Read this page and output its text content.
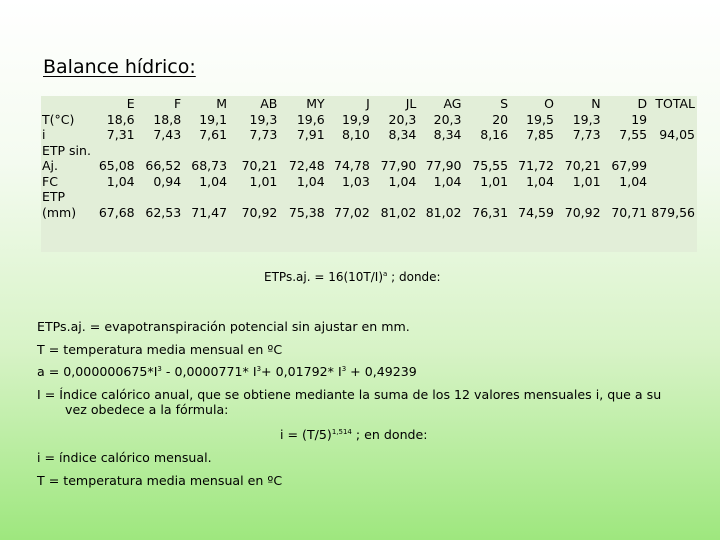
Balance hídrico:
	E	F	M	AB	MY	J	JL	AG	S	O	N	D	TOTAL
T(°C)	18,6	18,8	19,1	19,3	19,6	19,9	20,3	20,3	20	19,5	19,3	19	
i	7,31	7,43	7,61	7,73	7,91	8,10	8,34	8,34	8,16	7,85	7,73	7,55	94,05
ETP sin.													
Aj.	65,08	66,52	68,73	70,21	72,48	74,78	77,90	77,90	75,55	71,72	70,21	67,99	
FC	1,04	0,94	1,04	1,01	1,04	1,03	1,04	1,04	1,01	1,04	1,01	1,04	
ETP													
(mm)	67,68	62,53	71,47	70,92	75,38	77,02	81,02	81,02	76,31	74,59	70,92	70,71	879,56
ETPs.aj. = $16(10T/I)^a$ ; donde:

ETPs.aj. = evapotranspiración potencial sin ajustar en mm.

T = temperatura media mensual en ºC

$a = 0,000000675*I^3 - 0,0000771*$ $I^3+ 0,01792*$ $I^3 + 0,49239$

I = Índice calórico anual, que se obtiene mediante la suma de los 12 valores mensuales i, que a su

vez obedece a la fórmula:

$i = (T/5)^{1,514}$ ; en donde:

i = índice calórico mensual.

T = temperatura media mensual en ºC
